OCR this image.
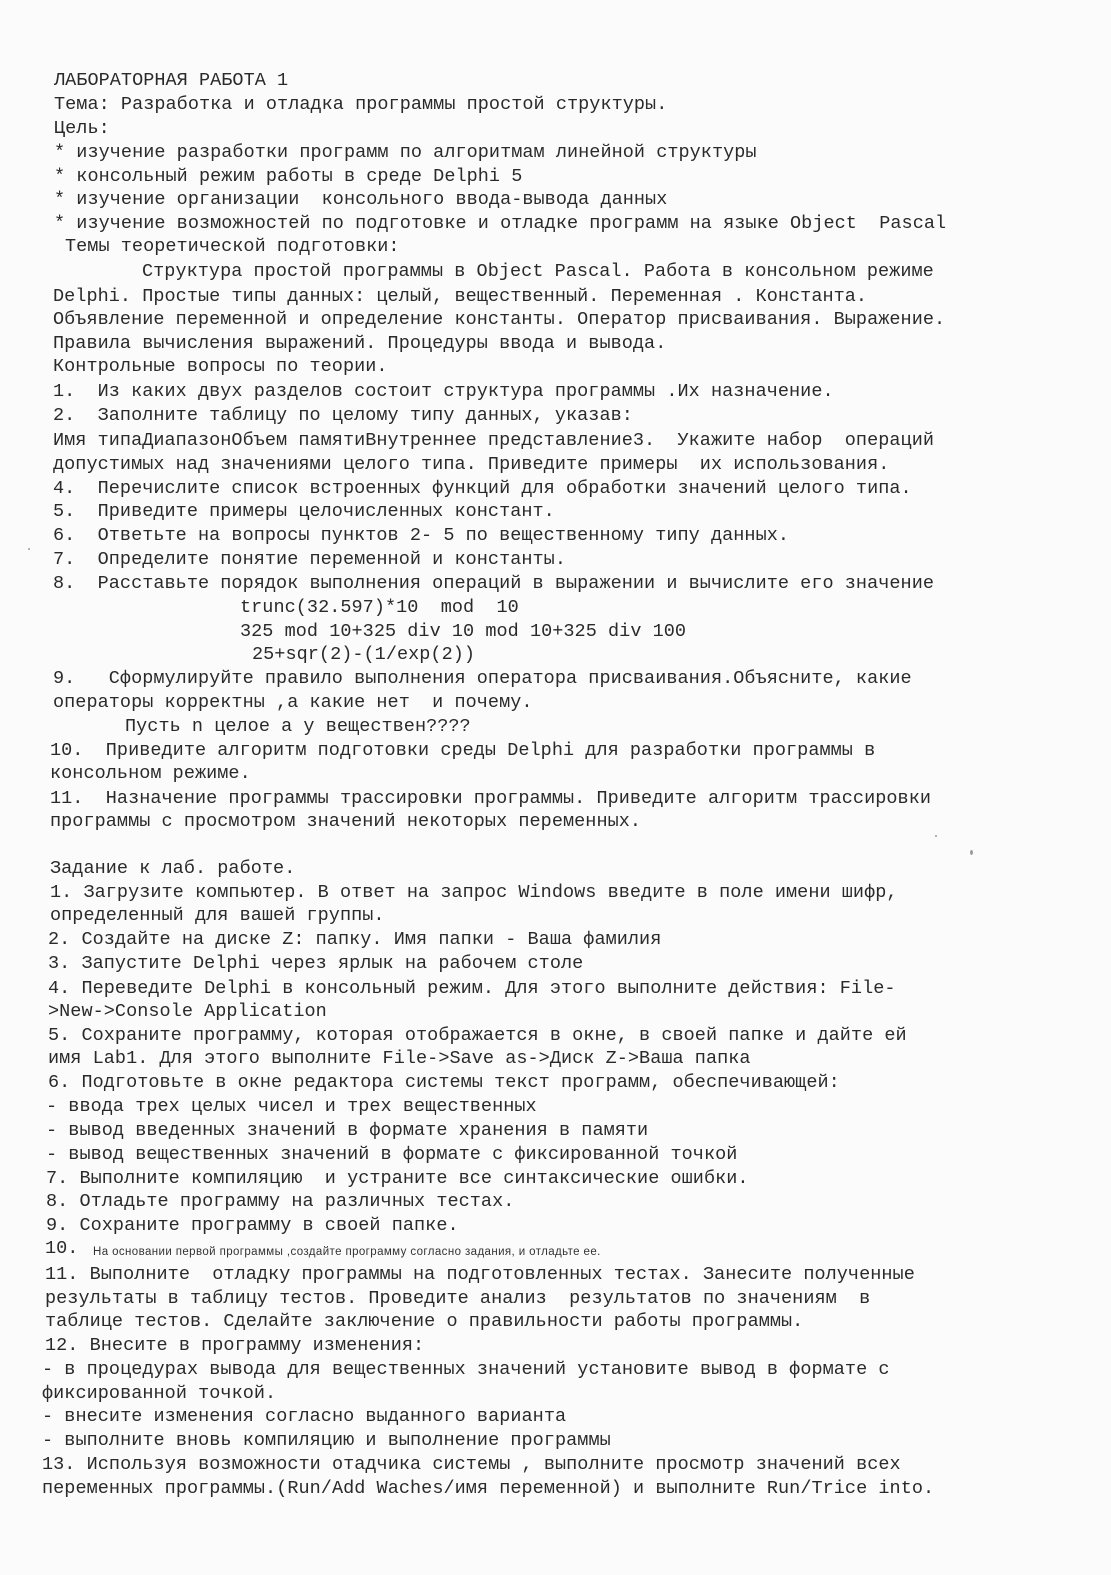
ЛАБОРАТОРНАЯ РАБОТА 1
Тема: Разработка и отладка программы простой структуры.
Цель:
* изучение разработки программ по алгоритмам линейной структуры
* консольный режим работы в среде Delphi 5
* изучение организации  консольного ввода-вывода данных
* изучение возможностей по подготовке и отладке программ на языке Object  Pascal
Темы теоретической подготовки:
Структура простой программы в Object Pascal. Работа в консольном режиме
Delphi. Простые типы данных: целый, вещественный. Переменная . Константа.
Объявление переменной и определение константы. Оператор присваивания. Выражение.
Правила вычисления выражений. Процедуры ввода и вывода.
Контрольные вопросы по теории.
1.  Из каких двух разделов состоит структура программы .Их назначение.
2.  Заполните таблицу по целому типу данных, указав:
Имя типаДиапазонОбъем памятиВнутреннее представление3.  Укажите набор  операций
допустимых над значениями целого типа. Приведите примеры  их использования.
4.  Перечислите список встроенных функций для обработки значений целого типа.
5.  Приведите примеры целочисленных констант.
6.  Ответьте на вопросы пунктов 2- 5 по вещественному типу данных.
7.  Определите понятие переменной и константы.
8.  Расставьте порядок выполнения операций в выражении и вычислите его значение
trunc(32.597)*10  mod  10
325 mod 10+325 div 10 mod 10+325 div 100
25+sqr(2)-(1/exp(2))
9.   Сформулируйте правило выполнения оператора присваивания.Объясните, какие
операторы корректны ,а какие нет  и почему.
Пусть n целое а у веществен????
10.  Приведите алгоритм подготовки среды Delphi для разработки программы в
консольном режиме.
11.  Назначение программы трассировки программы. Приведите алгоритм трассировки
программы с просмотром значений некоторых переменных.
Задание к лаб. работе.
1. Загрузите компьютер. В ответ на запрос Windows введите в поле имени шифр,
определенный для вашей группы.
2. Создайте на диске Z: папку. Имя папки - Ваша фамилия
3. Запустите Delphi через ярлык на рабочем столе
4. Переведите Delphi в консольный режим. Для этого выполните действия: File-
>New->Console Application
5. Сохраните программу, которая отображается в окне, в своей папке и дайте ей
имя Lab1. Для этого выполните File->Save as->Диск Z->Ваша папка
6. Подготовьте в окне редактора системы текст программ, обеспечивающей:
- ввода трех целых чисел и трех вещественных
- вывод введенных значений в формате хранения в памяти
- вывод вещественных значений в формате с фиксированной точкой
7. Выполните компиляцию  и устраните все синтаксические ошибки.
8. Отладьте программу на различных тестах.
9. Сохраните программу в своей папке.
10. На основании первой программы ,создайте программу согласно задания, и отладьте ее.
11. Выполните  отладку программы на подготовленных тестах. Занесите полученные
результаты в таблицу тестов. Проведите анализ  результатов по значениям  в
таблице тестов. Сделайте заключение о правильности работы программы.
12. Внесите в программу изменения:
- в процедурах вывода для вещественных значений установите вывод в формате с
фиксированной точкой.
- внесите изменения согласно выданного варианта
- выполните вновь компиляцию и выполнение программы
13. Используя возможности отадчика системы , выполните просмотр значений всех
переменных программы.(Run/Add Waches/имя переменной) и выполните Run/Trice into.
